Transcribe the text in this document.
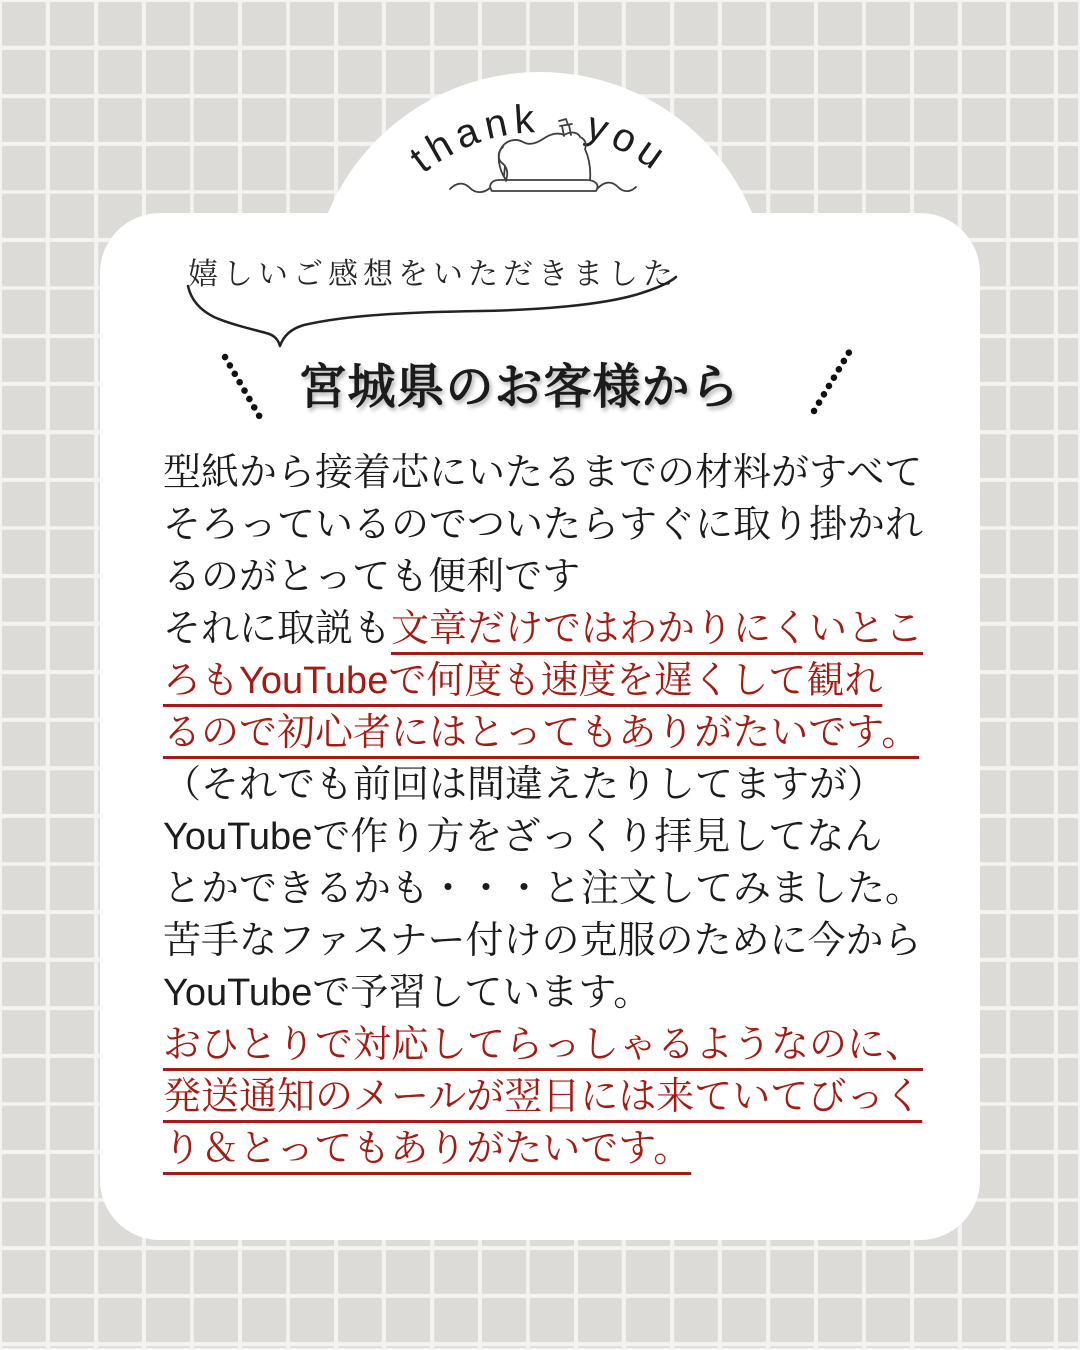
thank you
嬉しいご感想をいただきました
宮城県のお客様から

型紙から接着芯にいたるまでの材料がすべて

そろっているのでついたらすぐに取り掛かれ

るのがとっても便利です

それに取説も文章だけではわかりにくいとこ

ろもYouTubeで何度も速度を遅くして観れ

るので初心者にはとってもありがたいです。

（それでも前回は間違えたりしてますが）

YouTubeで作り方をざっくり拝見してなん

とかできるかも・・・と注文してみました。

苦手なファスナー付けの克服のために今から

YouTubeで予習しています。

おひとりで対応してらっしゃるようなのに、

発送通知のメールが翌日には来ていてびっく

り＆とってもありがたいです。
